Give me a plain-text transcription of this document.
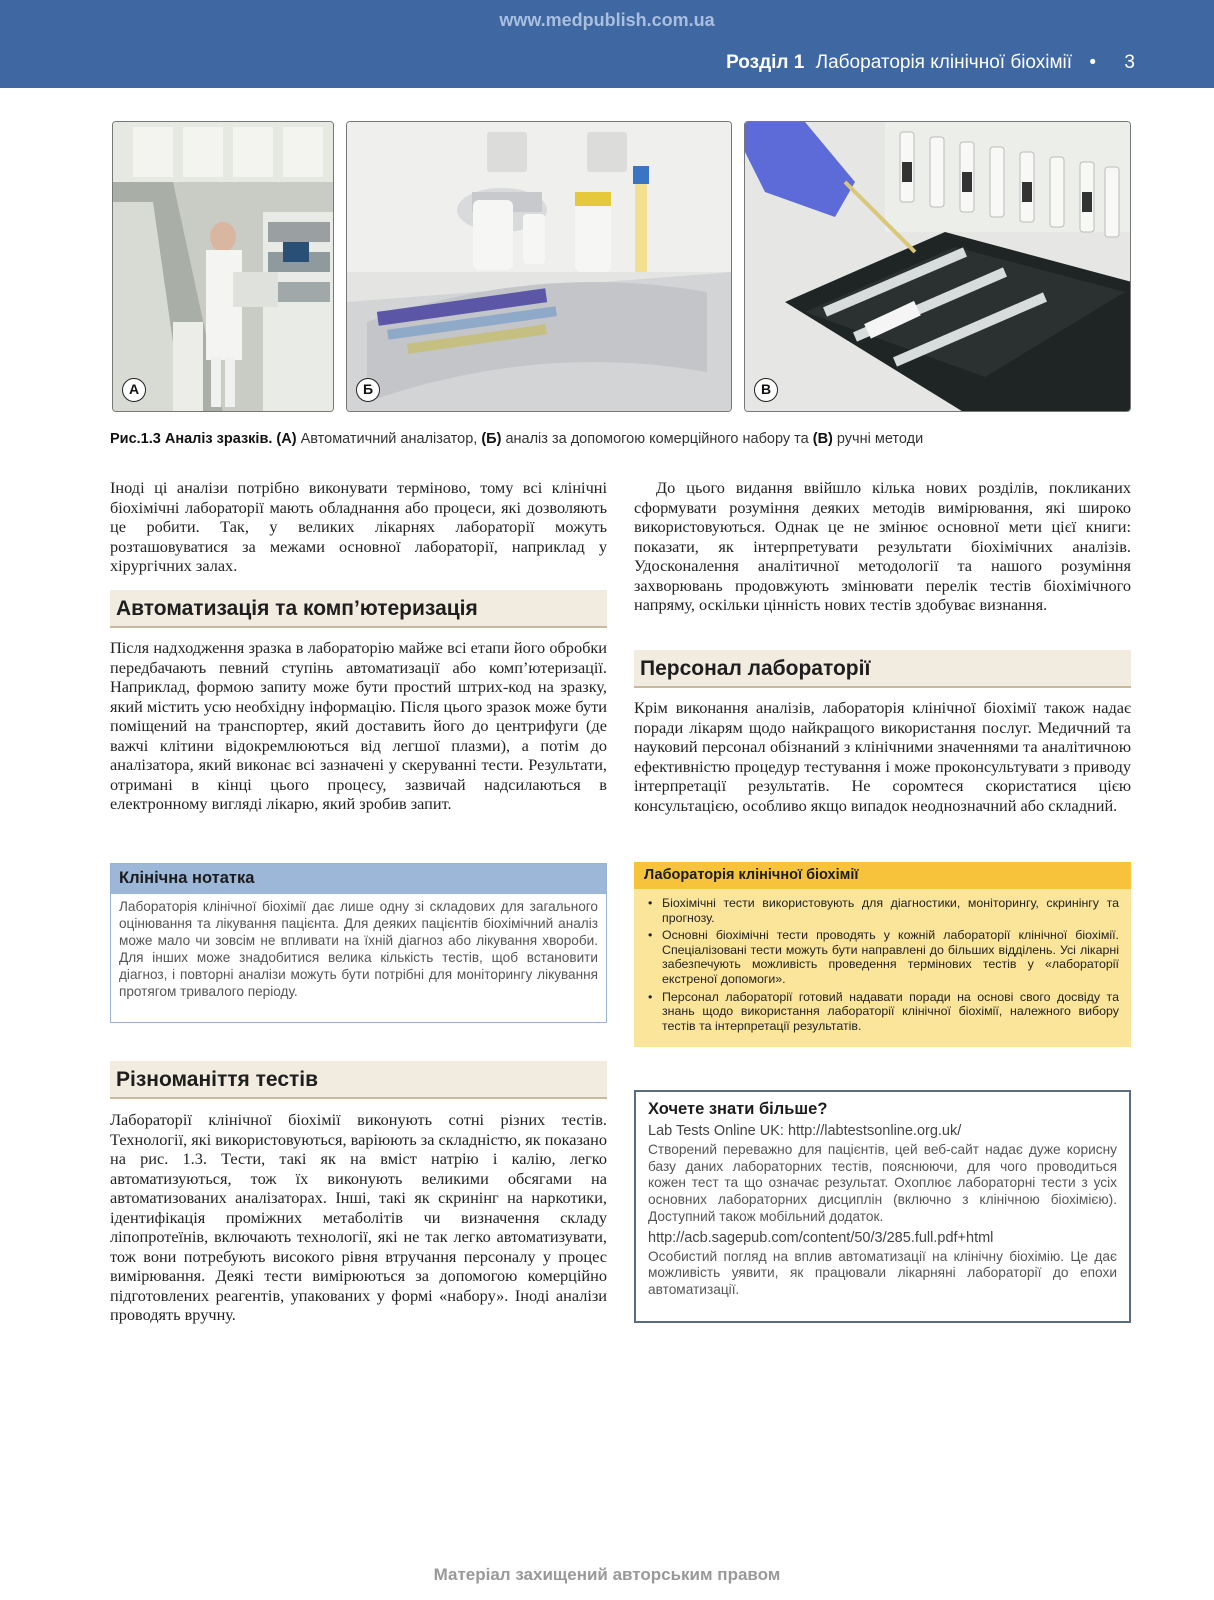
www.medpublish.com.ua
Розділ 1 Лабораторія клінічної біохімії •	3
А	Б	В
Рис.1.3 Аналіз зразків. (А) Автоматичний аналізатор, (Б) аналіз за допомогою комерційного набору та (В) ручні методи
Іноді ці аналізи потрібно виконувати терміново, тому всі клінічні біохімічні лабораторії мають обладнання або процеси, які дозволяють це робити. Так, у великих лікарнях лабораторії можуть розташовуватися за межами основної лабораторії, наприклад у хірургічних залах.
Автоматизація та комп’ютеризація
Після надходження зразка в лабораторію майже всі етапи його обробки передбачають певний ступінь автоматизації або комп’ютеризації. Наприклад, формою запиту може бути простий штрих-код на зразку, який містить усю необхідну інформацію. Після цього зразок може бути поміщений на транспортер, який доставить його до центрифуги (де важчі клітини відокремлюються від легшої плазми), а потім до аналізатора, який виконає всі зазначені у скеруванні тести. Результати, отримані в кінці цього процесу, зазвичай надсилаються в електронному вигляді лікарю, який зробив запит.
Клінічна нотатка
Лабораторія клінічної біохімії дає лише одну зі складових для загального оцінювання та лікування пацієнта. Для деяких пацієнтів біохімічний аналіз може мало чи зовсім не впливати на їхній діагноз або лікування хвороби. Для інших може знадобитися велика кількість тестів, щоб встановити діагноз, і повторні аналізи можуть бути потрібні для моніторингу лікування протягом тривалого періоду.
Різноманіття тестів
Лабораторії клінічної біохімії виконують сотні різних тестів. Технології, які використовуються, варіюють за складністю, як показано на рис. 1.3. Тести, такі як на вміст натрію і калію, легко автоматизуються, тож їх виконують великими обсягами на автоматизованих аналізаторах. Інші, такі як скринінг на наркотики, ідентифікація проміжних метаболітів чи визначення складу ліпопротеїнів, включають технології, які не так легко автоматизувати, тож вони потребують високого рівня втручання персоналу у процес вимірювання. Деякі тести вимірюються за допомогою комерційно підготовлених реагентів, упакованих у формі «набору». Іноді аналізи проводять вручну.
До цього видання ввійшло кілька нових розділів, покликаних сформувати розуміння деяких методів вимірювання, які широко використовуються. Однак це не змінює основної мети цієї книги: показати, як інтерпретувати результати біохімічних аналізів. Удосконалення аналітичної методології та нашого розуміння захворювань продовжують змінювати перелік тестів біохімічного напряму, оскільки цінність нових тестів здобуває визнання.
Персонал лабораторії
Крім виконання аналізів, лабораторія клінічної біохімії також надає поради лікарям щодо найкращого використання послуг. Медичний та науковий персонал обізнаний з клінічними значеннями та аналітичною ефективністю процедур тестування і може проконсультувати з приводу інтерпретації результатів. Не соромтеся скористатися цією консультацією, особливо якщо випадок неоднозначний або складний.
Лабораторія клінічної біохімії
• Біохімічні тести використовують для діагностики, моніторингу, скринінгу та прогнозу.
• Основні біохімічні тести проводять у кожній лабораторії клінічної біохімії. Спеціалізовані тести можуть бути направлені до більших відділень. Усі лікарні забезпечують можливість проведення термінових тестів у «лабораторії екстреної допомоги».
• Персонал лабораторії готовий надавати поради на основі свого досвіду та знань щодо використання лабораторії клінічної біохімії, належного вибору тестів та інтерпретації результатів.
Хочете знати більше?
Lab Tests Online UK: http://labtestsonline.org.uk/
Створений переважно для пацієнтів, цей веб-сайт надає дуже корисну базу даних лабораторних тестів, пояснюючи, для чого проводиться кожен тест та що означає результат. Охоплює лабораторні тести з усіх основних лабораторних дисциплін (включно з клінічною біохімією). Доступний також мобільний додаток.
http://acb.sagepub.com/content/50/3/285.full.pdf+html
Особистий погляд на вплив автоматизації на клінічну біохімію. Це дає можливість уявити, як працювали лікарняні лабораторії до епохи автоматизації.
Матеріал захищений авторським правом
